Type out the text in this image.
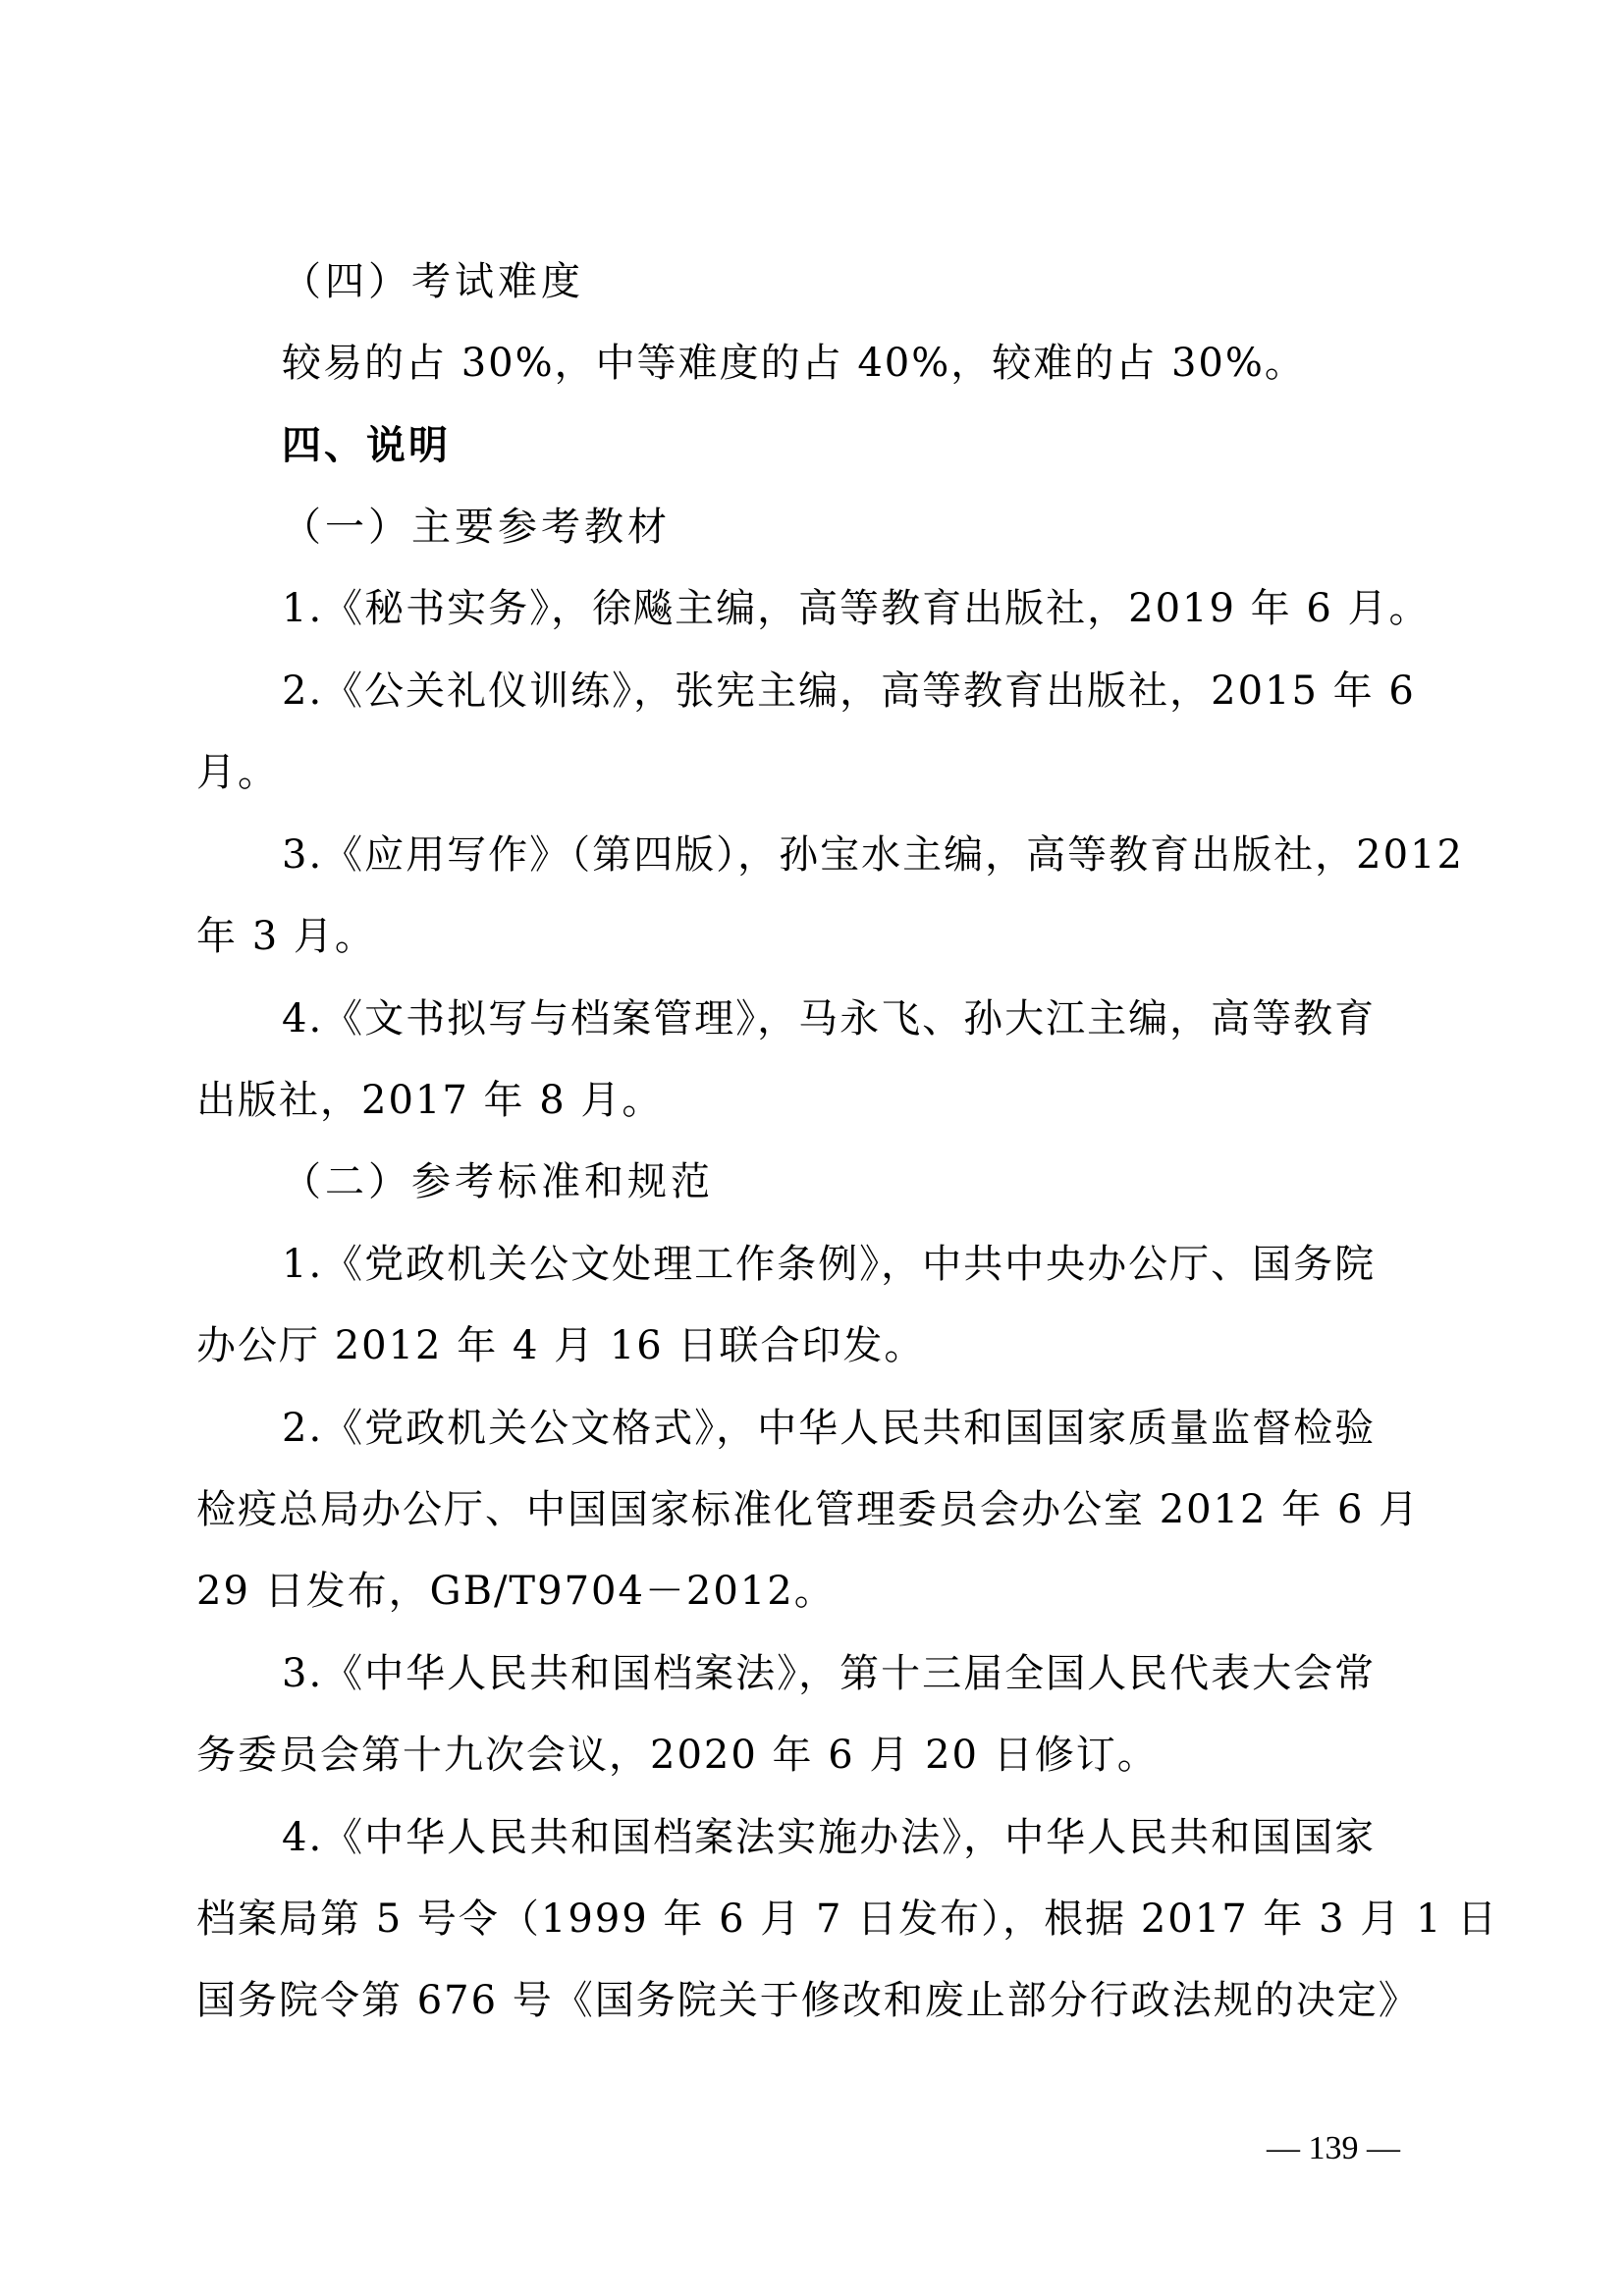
（四）考试难度
较易的占 30%，中等难度的占 40%，较难的占 30%。
四、说明
（一）主要参考教材
1.《秘书实务》，徐飚主编，高等教育出版社，2019 年 6 月。
2.《公关礼仪训练》，张宪主编，高等教育出版社，2015 年 6
月。
3.《应用写作》（第四版），孙宝水主编，高等教育出版社，2012
年 3 月。
4.《文书拟写与档案管理》，马永飞、孙大江主编，高等教育
出版社，2017 年 8 月。
（二）参考标准和规范
1.《党政机关公文处理工作条例》，中共中央办公厅、国务院
办公厅 2012 年 4 月 16 日联合印发。
2.《党政机关公文格式》，中华人民共和国国家质量监督检验
检疫总局办公厅、中国国家标准化管理委员会办公室 2012 年 6 月
29 日发布，GB/T9704－2012。
3.《中华人民共和国档案法》，第十三届全国人民代表大会常
务委员会第十九次会议，2020 年 6 月 20 日修订。
4.《中华人民共和国档案法实施办法》，中华人民共和国国家
档案局第 5 号令（1999 年 6 月 7 日发布），根据 2017 年 3 月 1 日
国务院令第 676 号《国务院关于修改和废止部分行政法规的决定》
— 139 —
